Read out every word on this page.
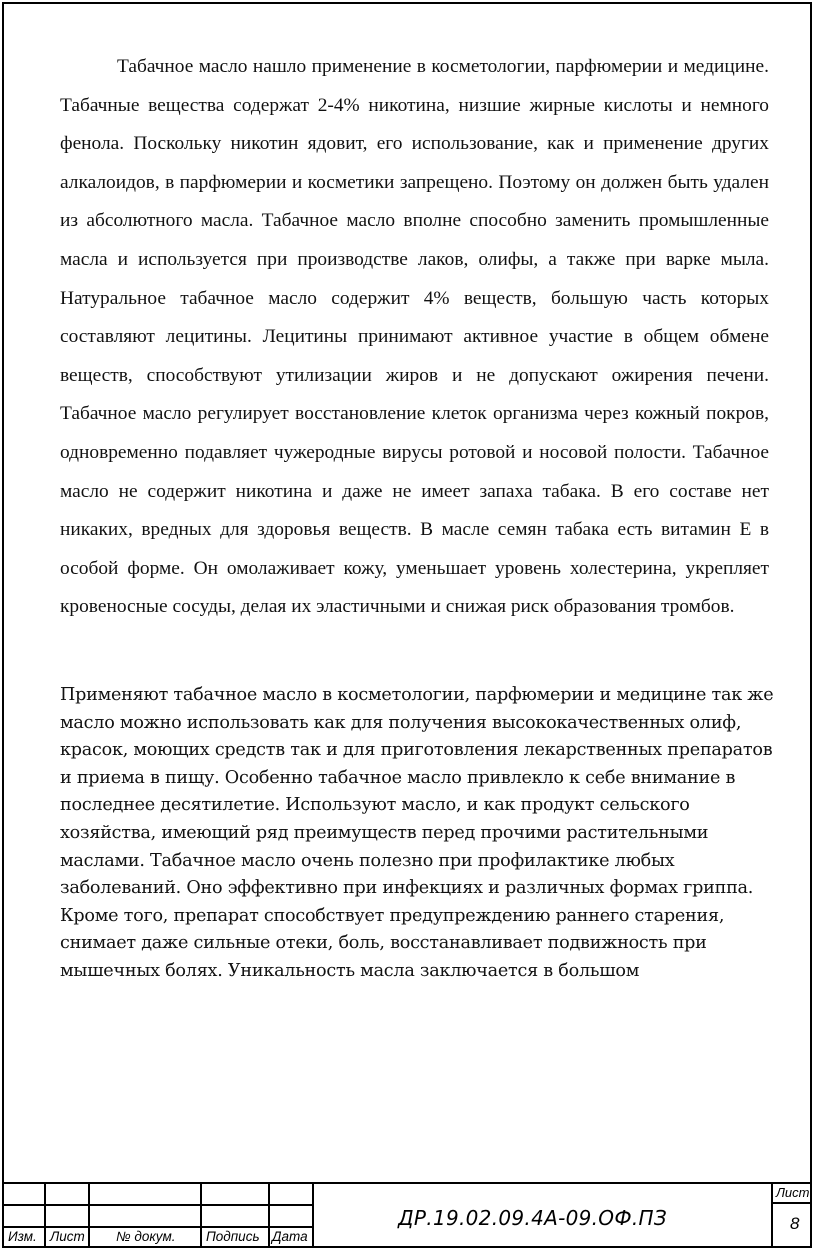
Табачное масло нашло применение в косметологии, парфюмерии и медицине. Табачные вещества содержат 2-4% никотина, низшие жирные кислоты и немного фенола. Поскольку никотин ядовит, его использование, как и применение других алкалоидов, в парфюмерии и косметики запрещено. Поэтому он должен быть удален из абсолютного масла. Табачное масло вполне способно заменить промышленные масла и используется при производстве лаков, олифы, а также при варке мыла. Натуральное табачное масло содержит 4% веществ, большую часть которых составляют лецитины. Лецитины принимают активное участие в общем обмене веществ, способствуют утилизации жиров и не допускают ожирения печени. Табачное масло регулирует восстановление клеток организма через кожный покров, одновременно подавляет чужеродные вирусы ротовой и носовой полости. Табачное масло не содержит никотина и даже не имеет запаха табака. В его составе нет никаких, вредных для здоровья веществ. В масле семян табака есть витамин Е в особой форме. Он омолаживает кожу, уменьшает уровень холестерина, укрепляет кровеносные сосуды, делая их эластичными и снижая риск образования тромбов.

Применяют табачное масло в косметологии, парфюмерии и медицине так же
масло можно использовать как для получения высококачественных олиф,
красок, моющих средств так и для приготовления лекарственных препаратов
и приема в пищу. Особенно табачное масло привлекло к себе внимание в
последнее десятилетие. Используют масло, и как продукт сельского
хозяйства, имеющий ряд преимуществ перед прочими растительными
маслами. Табачное масло очень полезно при профилактике любых
заболеваний. Оно эффективно при инфекциях и различных формах гриппа.
Кроме того, препарат способствует предупреждению раннего старения,
снимает даже сильные отеки, боль, восстанавливает подвижность при
мышечных болях. Уникальность масла заключается в большом
Изм. Лист № докум. Подпись Дата
ДР.19.02.09.4А-09.ОФ.ПЗ
Лист
8
